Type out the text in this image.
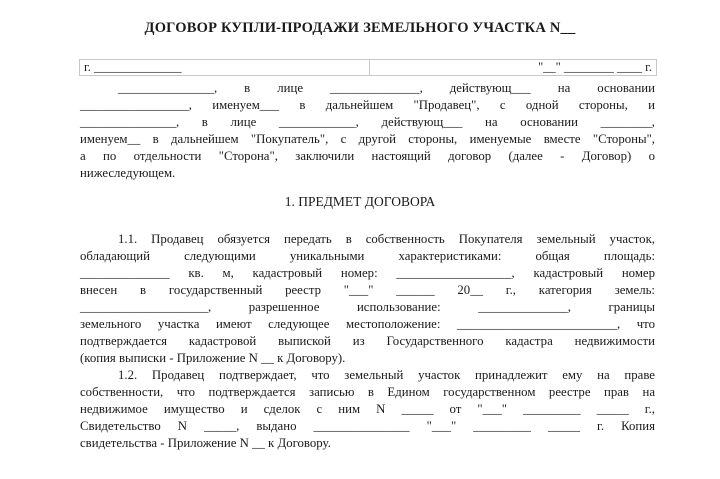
ДОГОВОР КУПЛИ-ПРОДАЖИ ЗЕМЕЛЬНОГО УЧАСТКА N__
г. ______________	"__" ________ ____ г.
_______________,   в   лице   ______________,   действующ___   на   основании
_________________,  именуем___  в  дальнейшем  "Продавец",  с  одной  стороны,  и
_______________,  в  лице  ____________,  действующ___  на  основании  ________,
именуем__ в дальнейшем "Покупатель", с другой стороны, именуемые вместе "Стороны",
а  по  отдельности  "Сторона",  заключили  настоящий  договор  (далее  -  Договор)  о
нижеследующем.
1. ПРЕДМЕТ ДОГОВОРА
1.1. Продавец обязуется передать в собственность Покупателя земельный участок,
обладающий  следующими  уникальными  характеристиками:  общая  площадь:
______________  кв.  м,  кадастровый  номер:  __________________,  кадастровый  номер
внесен  в  государственный  реестр  "___"  ______  20__  г.,  категория  земель:
____________________,  разрешенное  использование:  ______________,  границы
земельного  участка  имеют  следующее  местоположение:  _________________________,  что
подтверждается кадастровой выпиской из Государственного кадастра недвижимости
(копия выписки - Приложение N __ к Договору).
1.2. Продавец подтверждает, что земельный участок принадлежит ему на праве
собственности, что подтверждается записью в Едином государственном реестре прав на
недвижимое  имущество  и  сделок  с  ним  N  _____  от  "___"  _________  _____  г.,
Свидетельство  N  _____,  выдано  _______________  "___"  _________  _____  г.  Копия
свидетельства - Приложение N __ к Договору.
